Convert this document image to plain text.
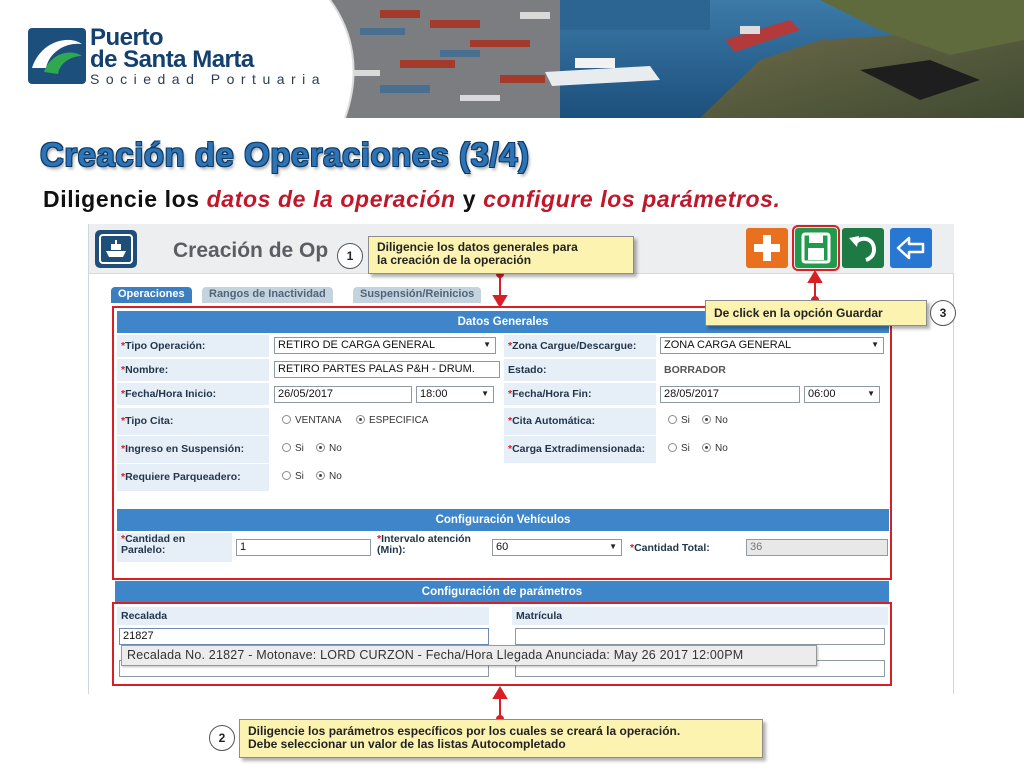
Puerto
de Santa Marta
Sociedad Portuaria
Creación de Operaciones (3/4)
Diligencie los datos de la operación y configure los parámetros.
Creación de Op
Operaciones	Rangos de Inactividad	Suspensión/Reinicios
Datos Generales
*Tipo Operación:	RETIRO DE CARGA GENERAL	▼	*Zona Cargue/Descargue:	ZONA CARGA GENERAL	▼
*Nombre:	RETIRO PARTES PALAS P&H - DRUM.	Estado:	BORRADOR
*Fecha/Hora Inicio:	26/05/2017	18:00	▼	*Fecha/Hora Fin:	28/05/2017	06:00	▼
*Tipo Cita:	VENTANA	ESPECIFICA	*Cita Automática:	Si	No
*Ingreso en Suspensión:	Si	No	*Carga Extradimensionada:	Si	No
*Requiere Parqueadero:	Si	No
Configuración Vehículos
*Cantidad en Paralelo:	1
*Intervalo atención (Min):	60	▼	*Cantidad Total:	36
Configuración de parámetros
Recalada	Matrícula
21827
Recalada No. 21827 - Motonave: LORD CURZON - Fecha/Hora Llegada Anunciada: May 26 2017 12:00PM
1
Diligencie los datos generales para
la creación de la operación
De click en la opción Guardar	3
2	Diligencie los parámetros específicos por los cuales se creará la operación.
Debe seleccionar un valor de las listas Autocompletado
